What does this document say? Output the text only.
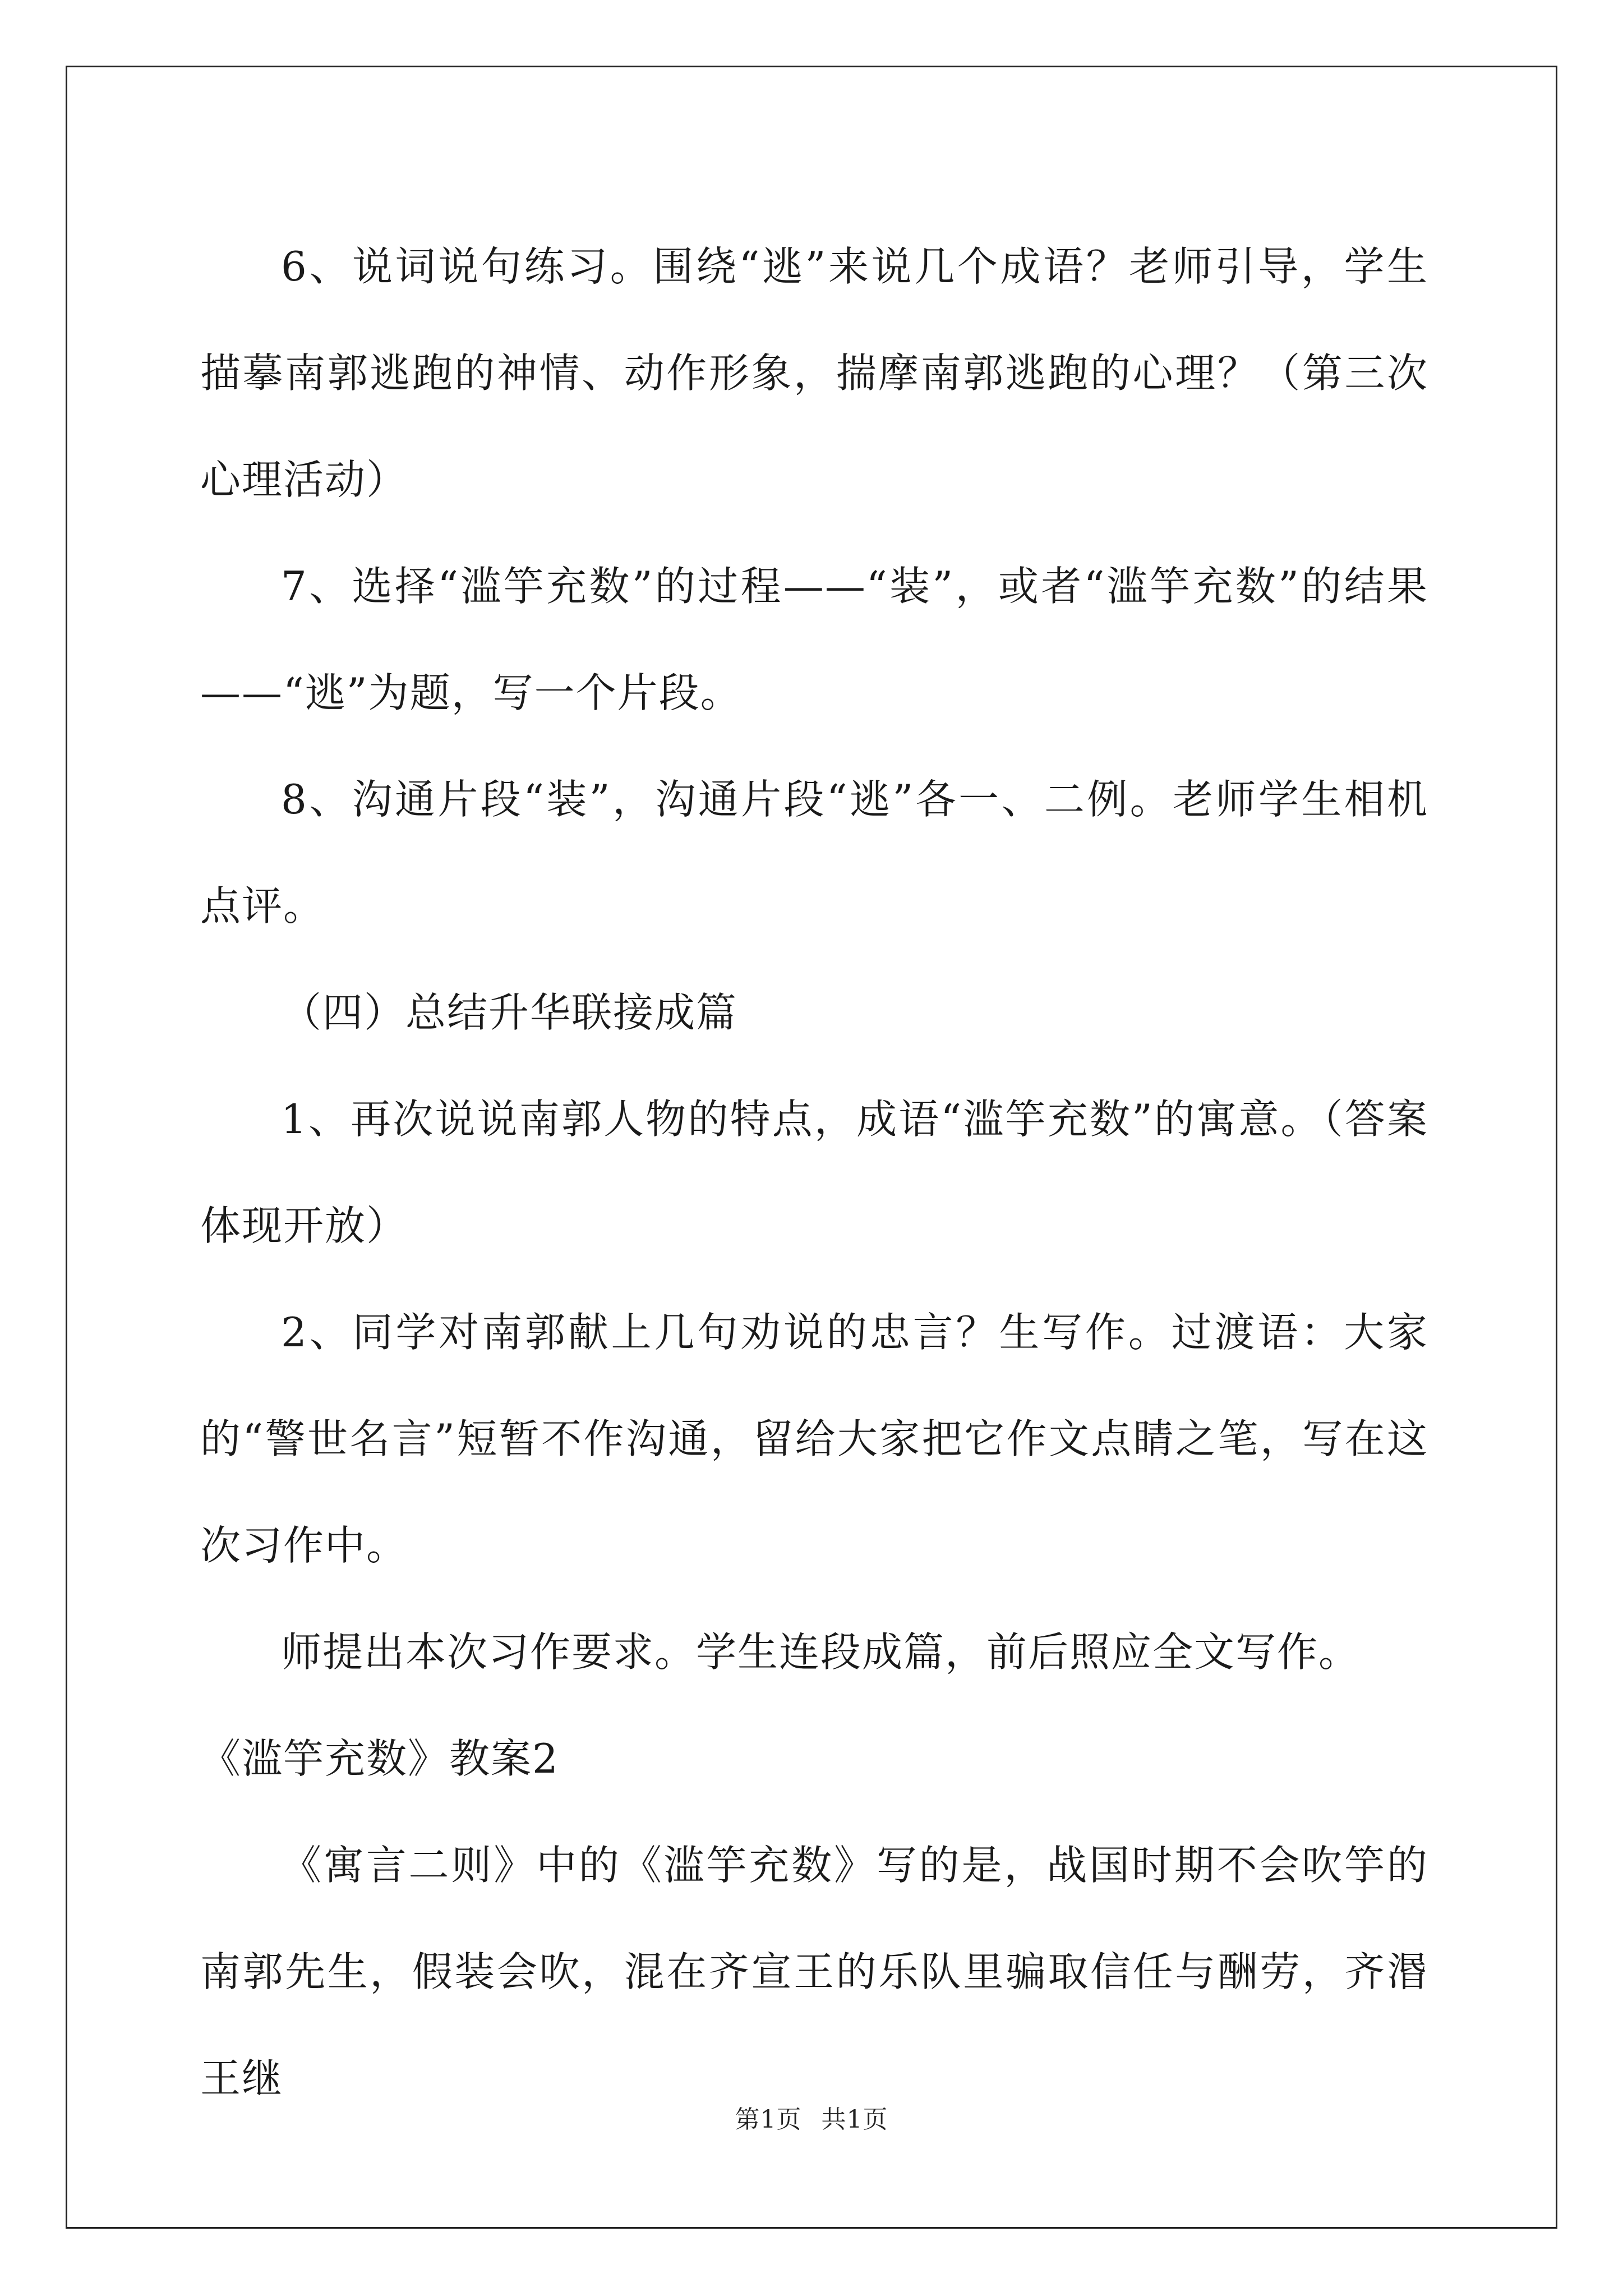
6、说词说句练习。围绕“逃”来说几个成语？老师引导，学生描摹南郭逃跑的神情、动作形象，揣摩南郭逃跑的心理？（第三次心理活动）

7、选择“滥竽充数”的过程——“装”，或者“滥竽充数”的结果——“逃”为题，写一个片段。

8、沟通片段“装”，沟通片段“逃”各一、二例。老师学生相机点评。

（四）总结升华联接成篇

1、再次说说南郭人物的特点，成语“滥竽充数”的寓意。（答案体现开放）

2、同学对南郭献上几句劝说的忠言？生写作。过渡语：大家的“警世名言”短暂不作沟通，留给大家把它作文点睛之笔，写在这次习作中。

师提出本次习作要求。学生连段成篇，前后照应全文写作。

《滥竽充数》教案2

《寓言二则》中的《滥竽充数》写的是，战国时期不会吹竽的南郭先生，假装会吹，混在齐宣王的乐队里骗取信任与酬劳，齐湣王继

第1页 共1页
